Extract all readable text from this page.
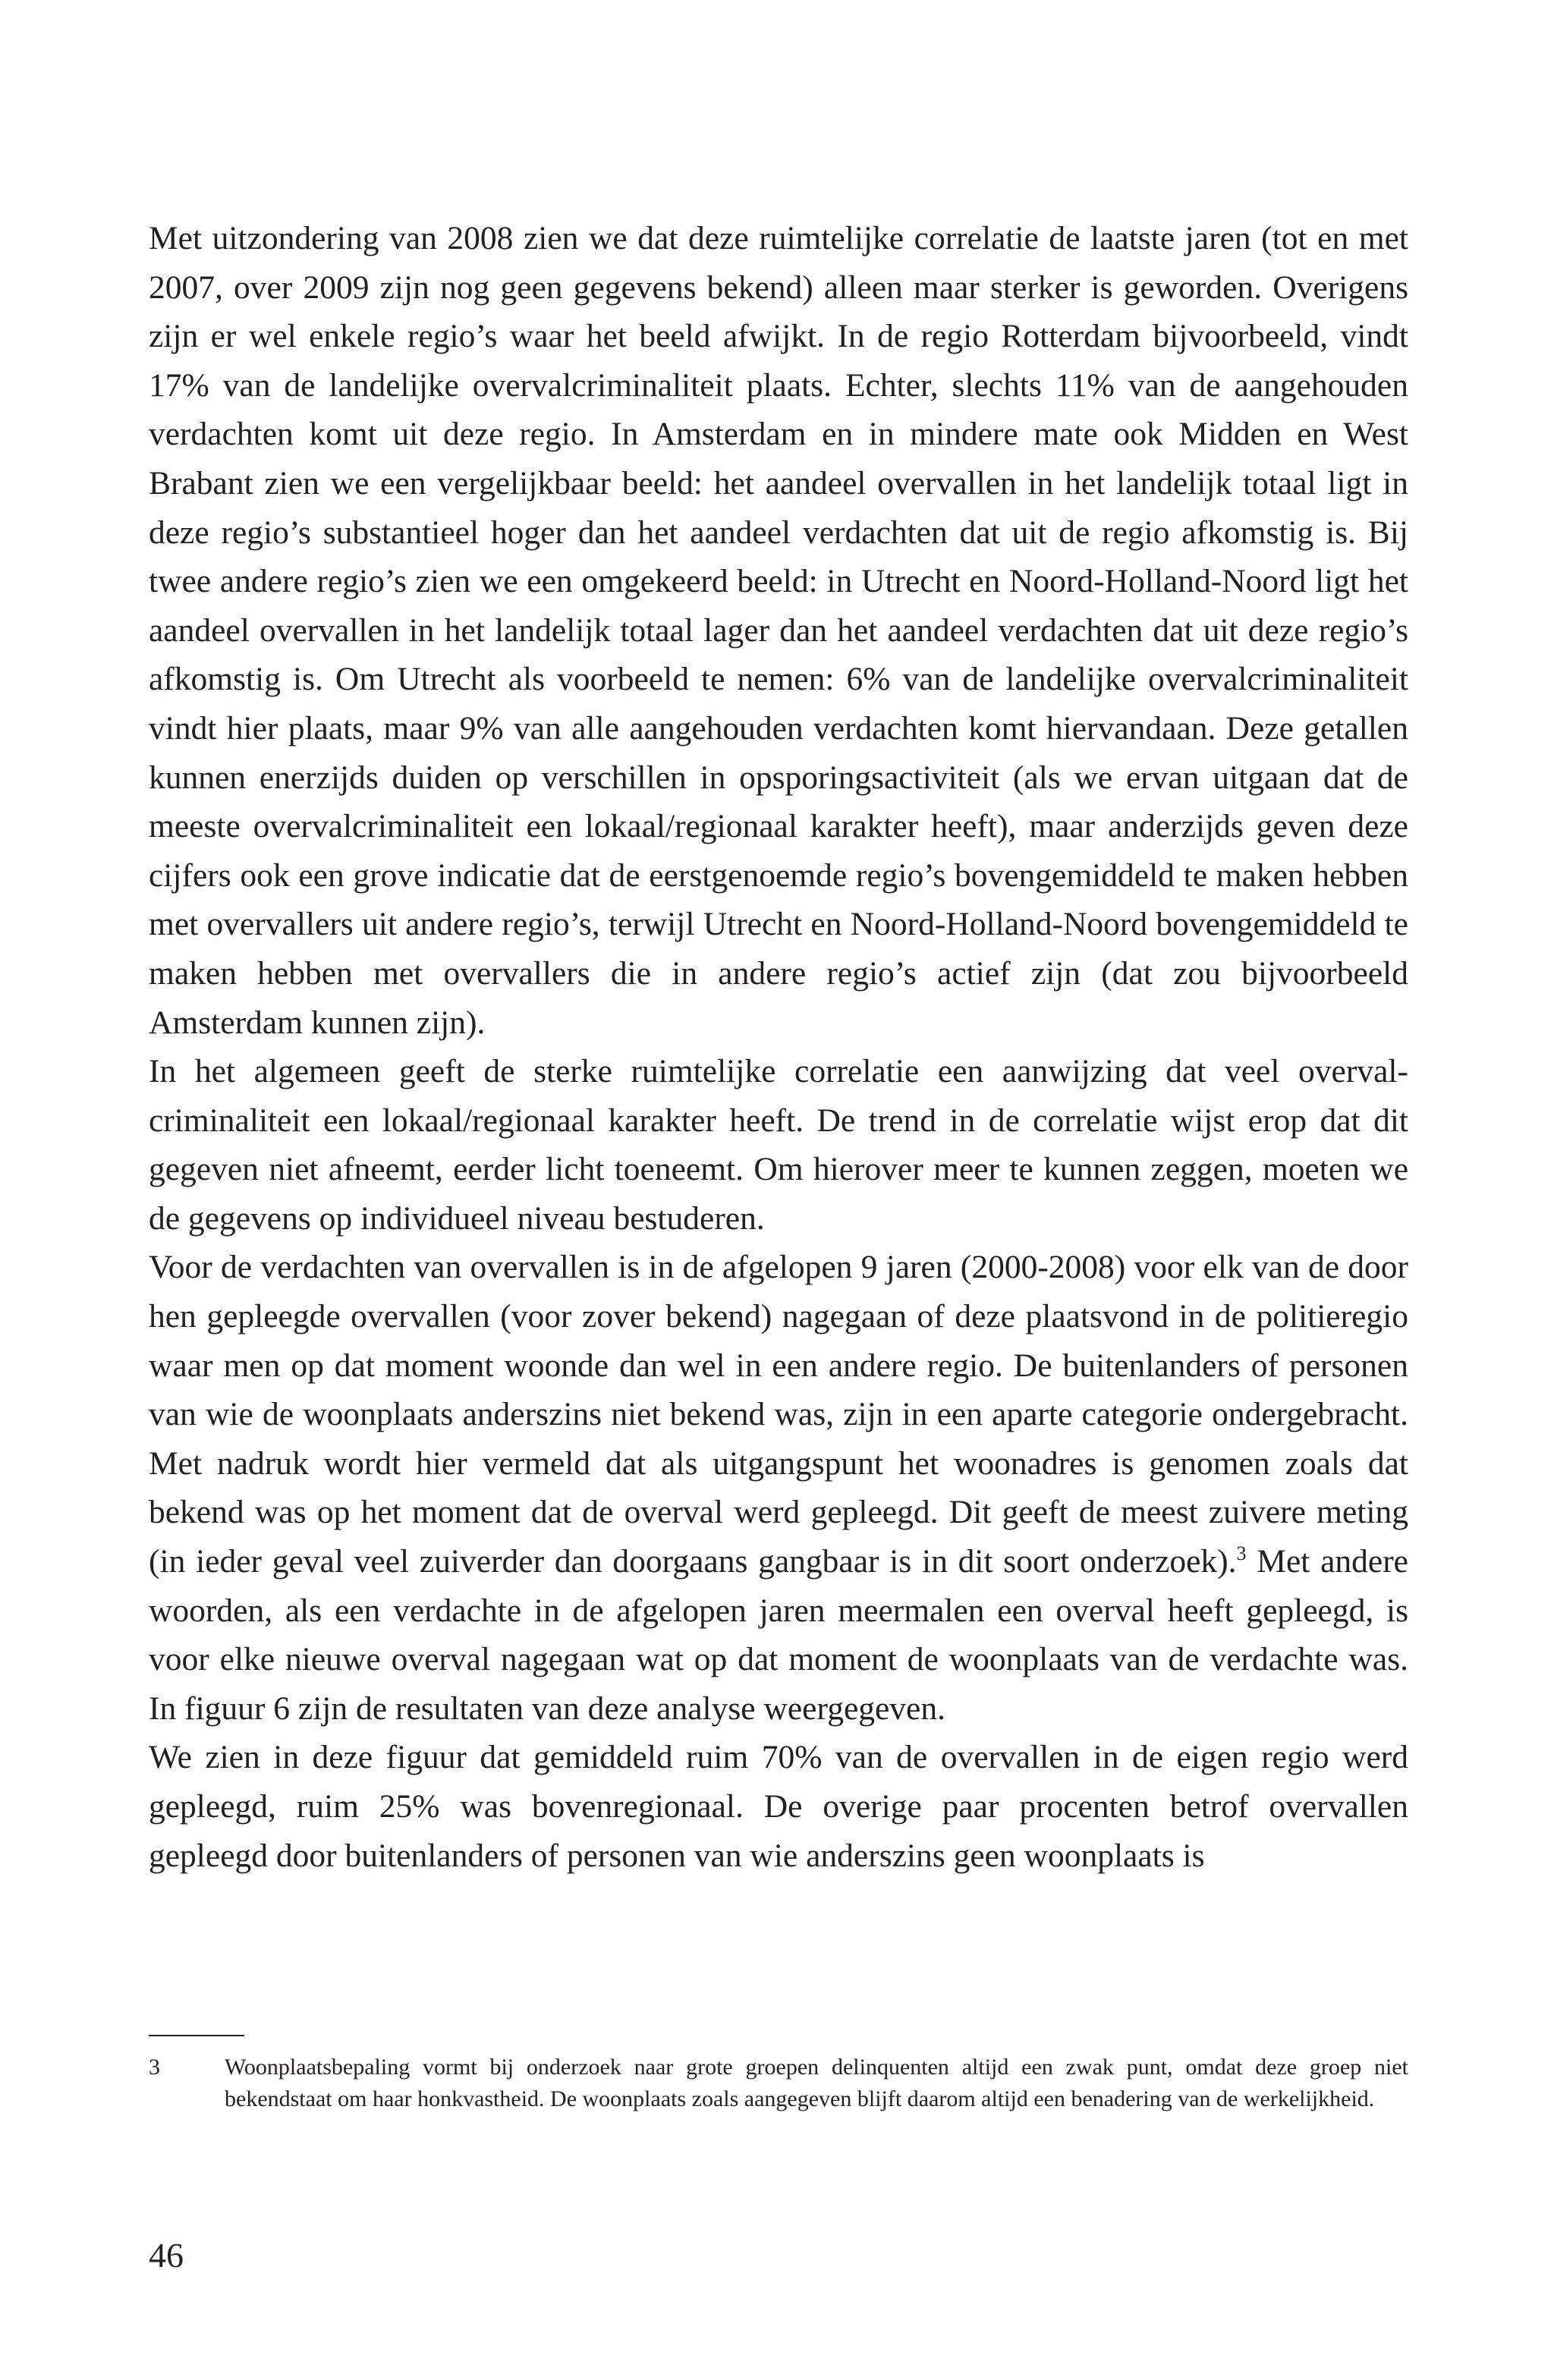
Met uitzondering van 2008 zien we dat deze ruimtelijke correlatie de laatste jaren (tot en met 2007, over 2009 zijn nog geen gegevens bekend) alleen maar sterker is geworden. Overigens zijn er wel enkele regio’s waar het beeld afwijkt. In de regio Rotterdam bijvoorbeeld, vindt 17% van de landelijke overvalcriminaliteit plaats. Echter, slechts 11% van de aangehouden verdachten komt uit deze regio. In Amsterdam en in mindere mate ook Midden en West Brabant zien we een vergelijkbaar beeld: het aandeel overvallen in het landelijk totaal ligt in deze regio’s substantieel hoger dan het aandeel verdachten dat uit de regio afkomstig is. Bij twee andere regio’s zien we een omgekeerd beeld: in Utrecht en Noord-Holland-Noord ligt het aandeel overvallen in het landelijk totaal lager dan het aandeel verdachten dat uit deze regio’s afkomstig is. Om Utrecht als voorbeeld te nemen: 6% van de landelijke overvalcriminaliteit vindt hier plaats, maar 9% van alle aangehouden verdachten komt hiervandaan. Deze getallen kunnen enerzijds duiden op verschillen in opsporingsactiviteit (als we ervan uitgaan dat de meeste overvalcriminaliteit een lokaal/regionaal karakter heeft), maar anderzijds geven deze cijfers ook een grove indicatie dat de eerstgenoemde regio’s bovengemiddeld te maken hebben met overvallers uit andere regio’s, terwijl Utrecht en Noord-Holland-Noord bovengemiddeld te maken hebben met overvallers die in andere regio’s actief zijn (dat zou bijvoorbeeld Amsterdam kunnen zijn).

In het algemeen geeft de sterke ruimtelijke correlatie een aanwijzing dat veel overvalcriminaliteit een lokaal/regionaal karakter heeft. De trend in de correlatie wijst erop dat dit gegeven niet afneemt, eerder licht toeneemt. Om hierover meer te kunnen zeggen, moeten we de gegevens op individueel niveau bestuderen.

Voor de verdachten van overvallen is in de afgelopen 9 jaren (2000-2008) voor elk van de door hen gepleegde overvallen (voor zover bekend) nagegaan of deze plaatsvond in de politieregio waar men op dat moment woonde dan wel in een andere regio. De buitenlanders of personen van wie de woonplaats anderszins niet bekend was, zijn in een aparte categorie ondergebracht. Met nadruk wordt hier vermeld dat als uitgangspunt het woonadres is genomen zoals dat bekend was op het moment dat de overval werd gepleegd. Dit geeft de meest zuivere meting (in ieder geval veel zuiverder dan doorgaans gangbaar is in dit soort onderzoek).$^3$ Met andere woorden, als een verdachte in de afgelopen jaren meermalen een overval heeft gepleegd, is voor elke nieuwe overval nagegaan wat op dat moment de woonplaats van de verdachte was. In figuur 6 zijn de resultaten van deze analyse weergegeven.

We zien in deze figuur dat gemiddeld ruim 70% van de overvallen in de eigen regio werd gepleegd, ruim 25% was bovenregionaal. De overige paar procenten betrof overvallen gepleegd door buitenlanders of personen van wie anderszins geen woonplaats is

3	Woonplaatsbepaling vormt bij onderzoek naar grote groepen delinquenten altijd een zwak punt, omdat deze groep niet bekendstaat om haar honkvastheid. De woonplaats zoals aangegeven blijft daarom altijd een benadering van de werkelijkheid.
46
